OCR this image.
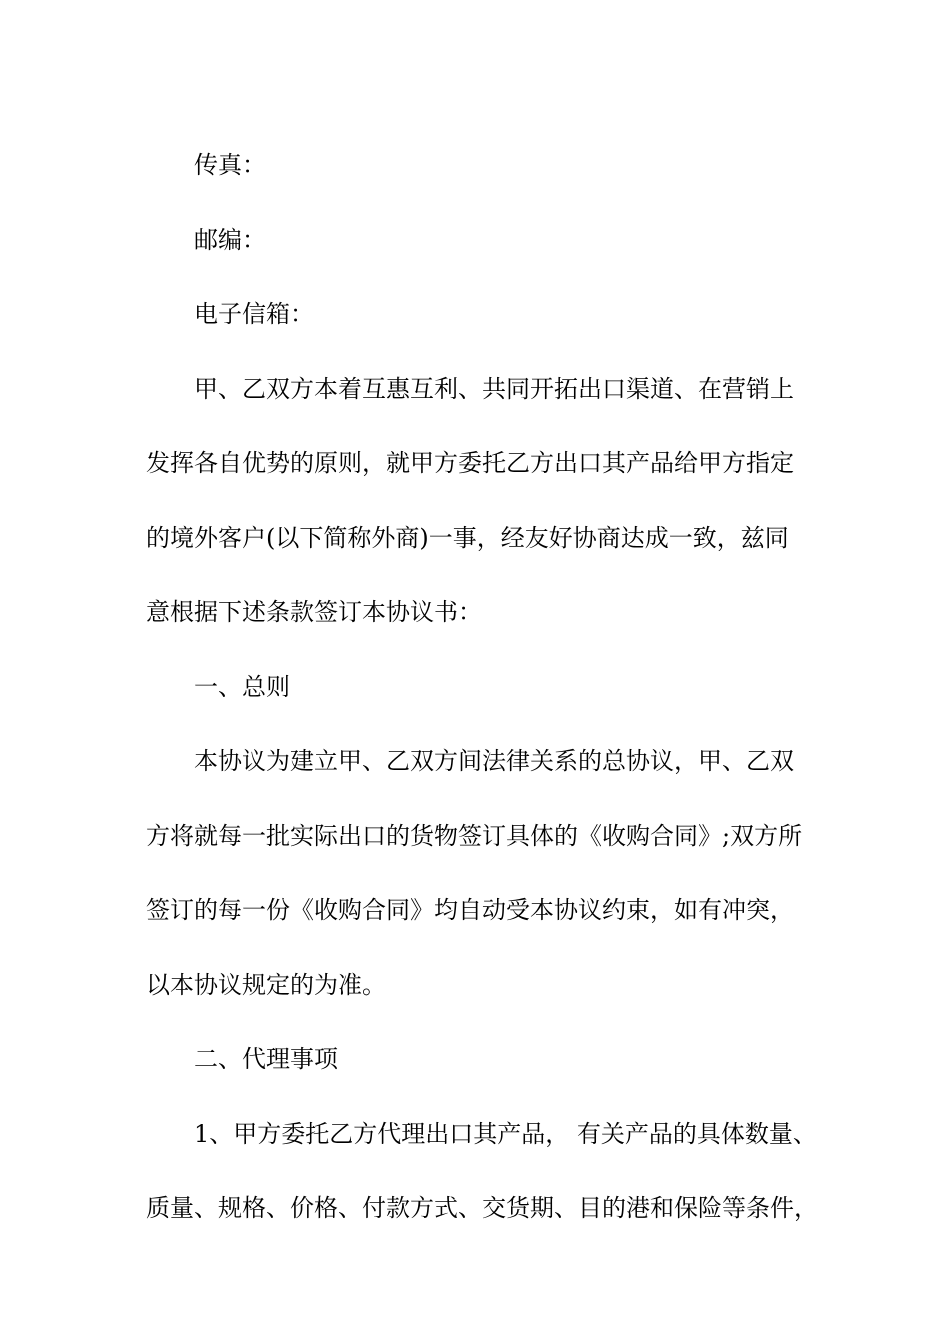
传真：

邮编：

电子信箱：

甲、乙双方本着互惠互利、共同开拓出口渠道、在营销上

发挥各自优势的原则，就甲方委托乙方出口其产品给甲方指定

的境外客户(以下简称外商)一事，经友好协商达成一致，兹同

意根据下述条款签订本协议书：

一、总则

本协议为建立甲、乙双方间法律关系的总协议，甲、乙双

方将就每一批实际出口的货物签订具体的《收购合同》;双方所

签订的每一份《收购合同》均自动受本协议约束，如有冲突，

以本协议规定的为准。

二、代理事项

1、甲方委托乙方代理出口其产品， 有关产品的具体数量、

质量、规格、价格、付款方式、交货期、目的港和保险等条件，
